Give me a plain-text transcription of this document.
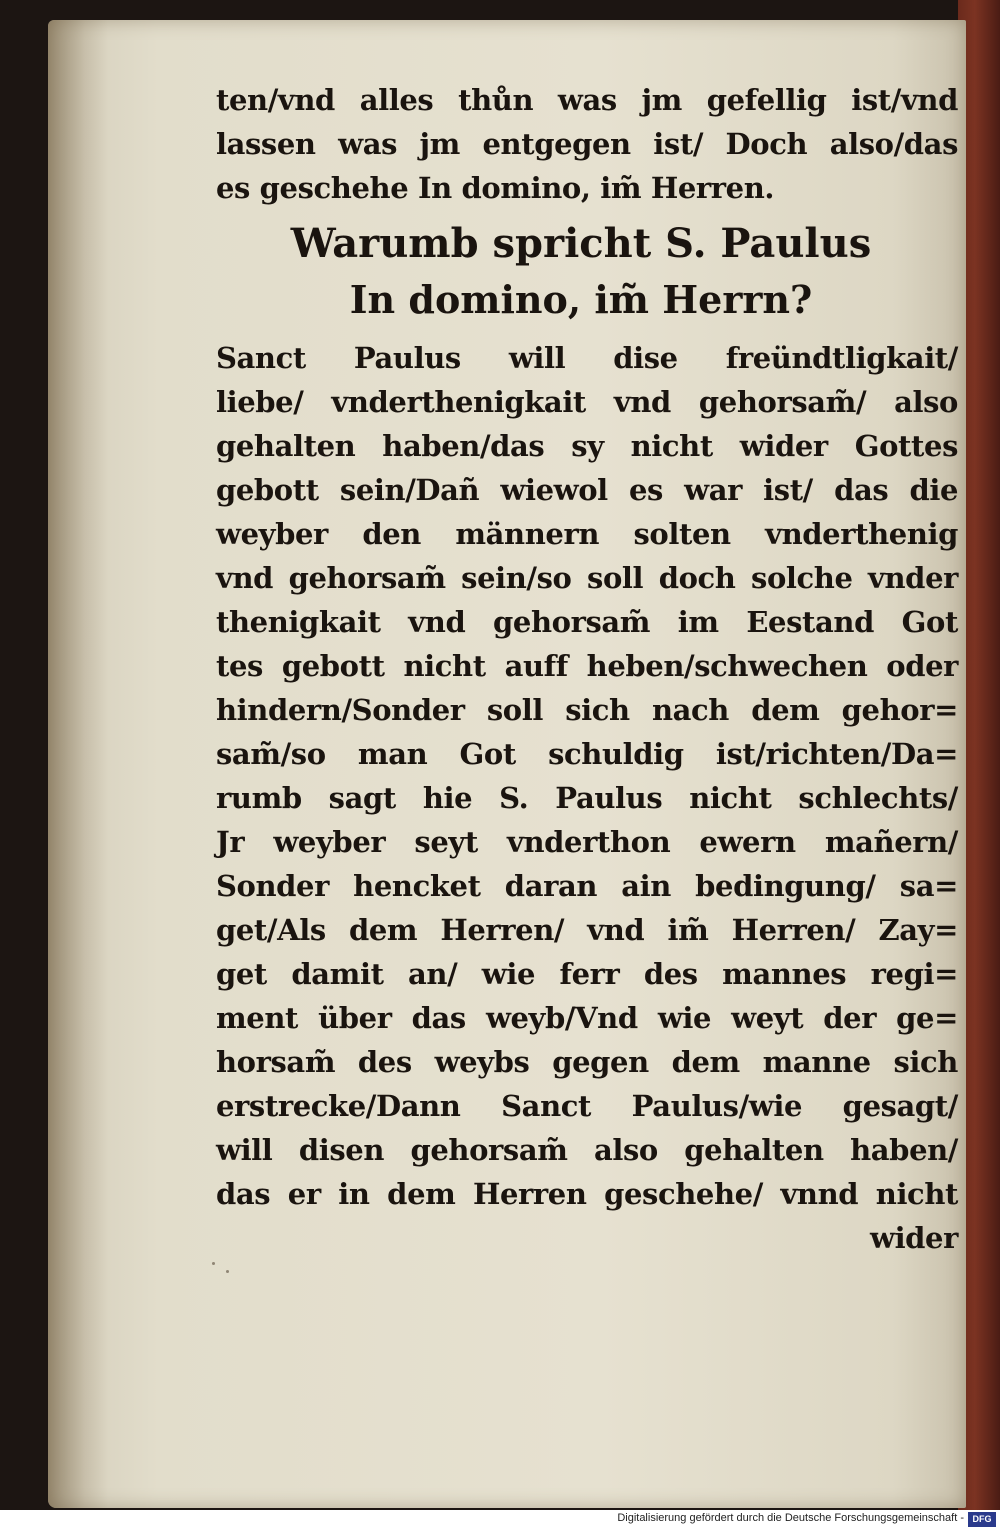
ten/vnd alles thůn was jm gefellig ist/vnd
lassen was jm entgegen ist/ Doch also/das
es geschehe In domino, im̃ Herren.
Warumb spricht S. Paulus
In domino, im̃ Herrn?
Sanct Paulus will dise freündtligkait/
liebe/ vnderthenigkait vnd gehorsam̃/ also
gehalten haben/das sy nicht wider Gottes
gebott sein/Dañ wiewol es war ist/ das die
weyber den männern solten vnderthenig
vnd gehorsam̃ sein/so soll doch solche vnder
thenigkait vnd gehorsam̃ im Eestand Got
tes gebott nicht auff heben/schwechen oder
hindern/Sonder soll sich nach dem gehor=
sam̃/so man Got schuldig ist/richten/Da=
rumb sagt hie S. Paulus nicht schlechts/
Jr weyber seyt vnderthon ewern mañern/
Sonder hencket daran ain bedingung/ sa=
get/Als dem Herren/ vnd im̃ Herren/ Zay=
get damit an/ wie ferr des mannes regi=
ment über das weyb/Vnd wie weyt der ge=
horsam̃ des weybs gegen dem manne sich
erstrecke/Dann Sanct Paulus/wie gesagt/
will disen gehorsam̃ also gehalten haben/
das er in dem Herren geschehe/ vnnd nicht
wider
Digitalisierung gefördert durch die Deutsche Forschungsgemeinschaft - DFG
